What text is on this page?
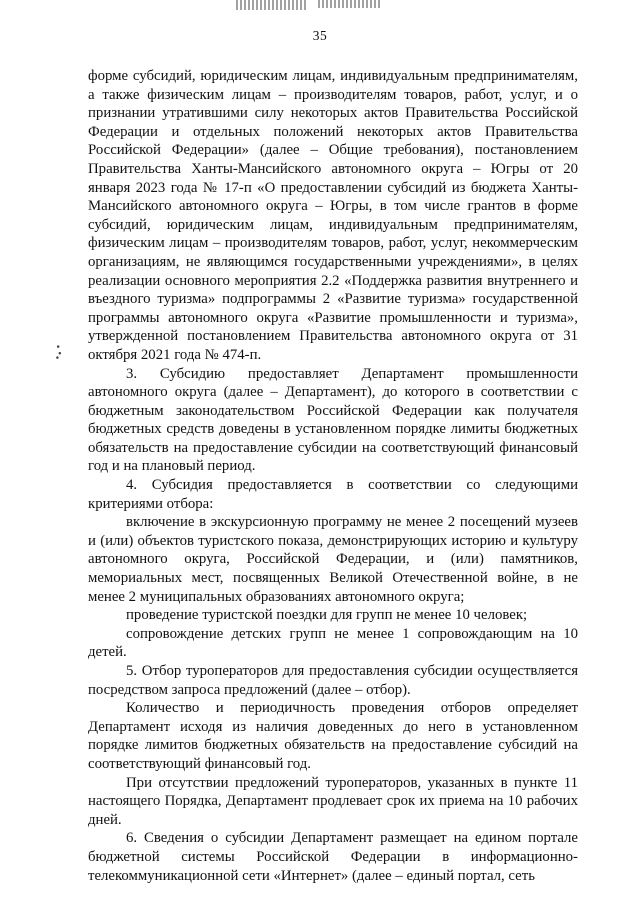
35

форме субсидий, юридическим лицам, индивидуальным предпринимателям, а также физическим лицам – производителям товаров, работ, услуг, и о признании утратившими силу некоторых актов Правительства Российской Федерации и отдельных положений некоторых актов Правительства Российской Федерации» (далее – Общие требования), постановлением Правительства Ханты-Мансийского автономного округа – Югры от 20 января 2023 года № 17-п «О предоставлении субсидий из бюджета Ханты-Мансийского автономного округа – Югры, в том числе грантов в форме субсидий, юридическим лицам, индивидуальным предпринимателям, физическим лицам – производителям товаров, работ, услуг, некоммерческим организациям, не являющимся государственными учреждениями», в целях реализации основного мероприятия 2.2 «Поддержка развития внутреннего и въездного туризма» подпрограммы 2 «Развитие туризма» государственной программы автономного округа «Развитие промышленности и туризма», утвержденной постановлением Правительства автономного округа от 31 октября 2021 года № 474-п.

3. Субсидию предоставляет Департамент промышленности автономного округа (далее – Департамент), до которого в соответствии с бюджетным законодательством Российской Федерации как получателя бюджетных средств доведены в установленном порядке лимиты бюджетных обязательств на предоставление субсидии на соответствующий финансовый год и на плановый период.

4. Субсидия предоставляется в соответствии со следующими критериями отбора:

включение в экскурсионную программу не менее 2 посещений музеев и (или) объектов туристского показа, демонстрирующих историю и культуру автономного округа, Российской Федерации, и (или) памятников, мемориальных мест, посвященных Великой Отечественной войне, в не менее 2 муниципальных образованиях автономного округа;

проведение туристской поездки для групп не менее 10 человек;

сопровождение детских групп не менее 1 сопровождающим на 10 детей.

5. Отбор туроператоров для предоставления субсидии осуществляется посредством запроса предложений (далее – отбор).

Количество и периодичность проведения отборов определяет Департамент исходя из наличия доведенных до него в установленном порядке лимитов бюджетных обязательств на предоставление субсидий на соответствующий финансовый год.

При отсутствии предложений туроператоров, указанных в пункте 11 настоящего Порядка, Департамент продлевает срок их приема на 10 рабочих дней.

6. Сведения о субсидии Департамент размещает на едином портале бюджетной системы Российской Федерации в информационно-телекоммуникационной сети «Интернет» (далее – единый портал, сеть
